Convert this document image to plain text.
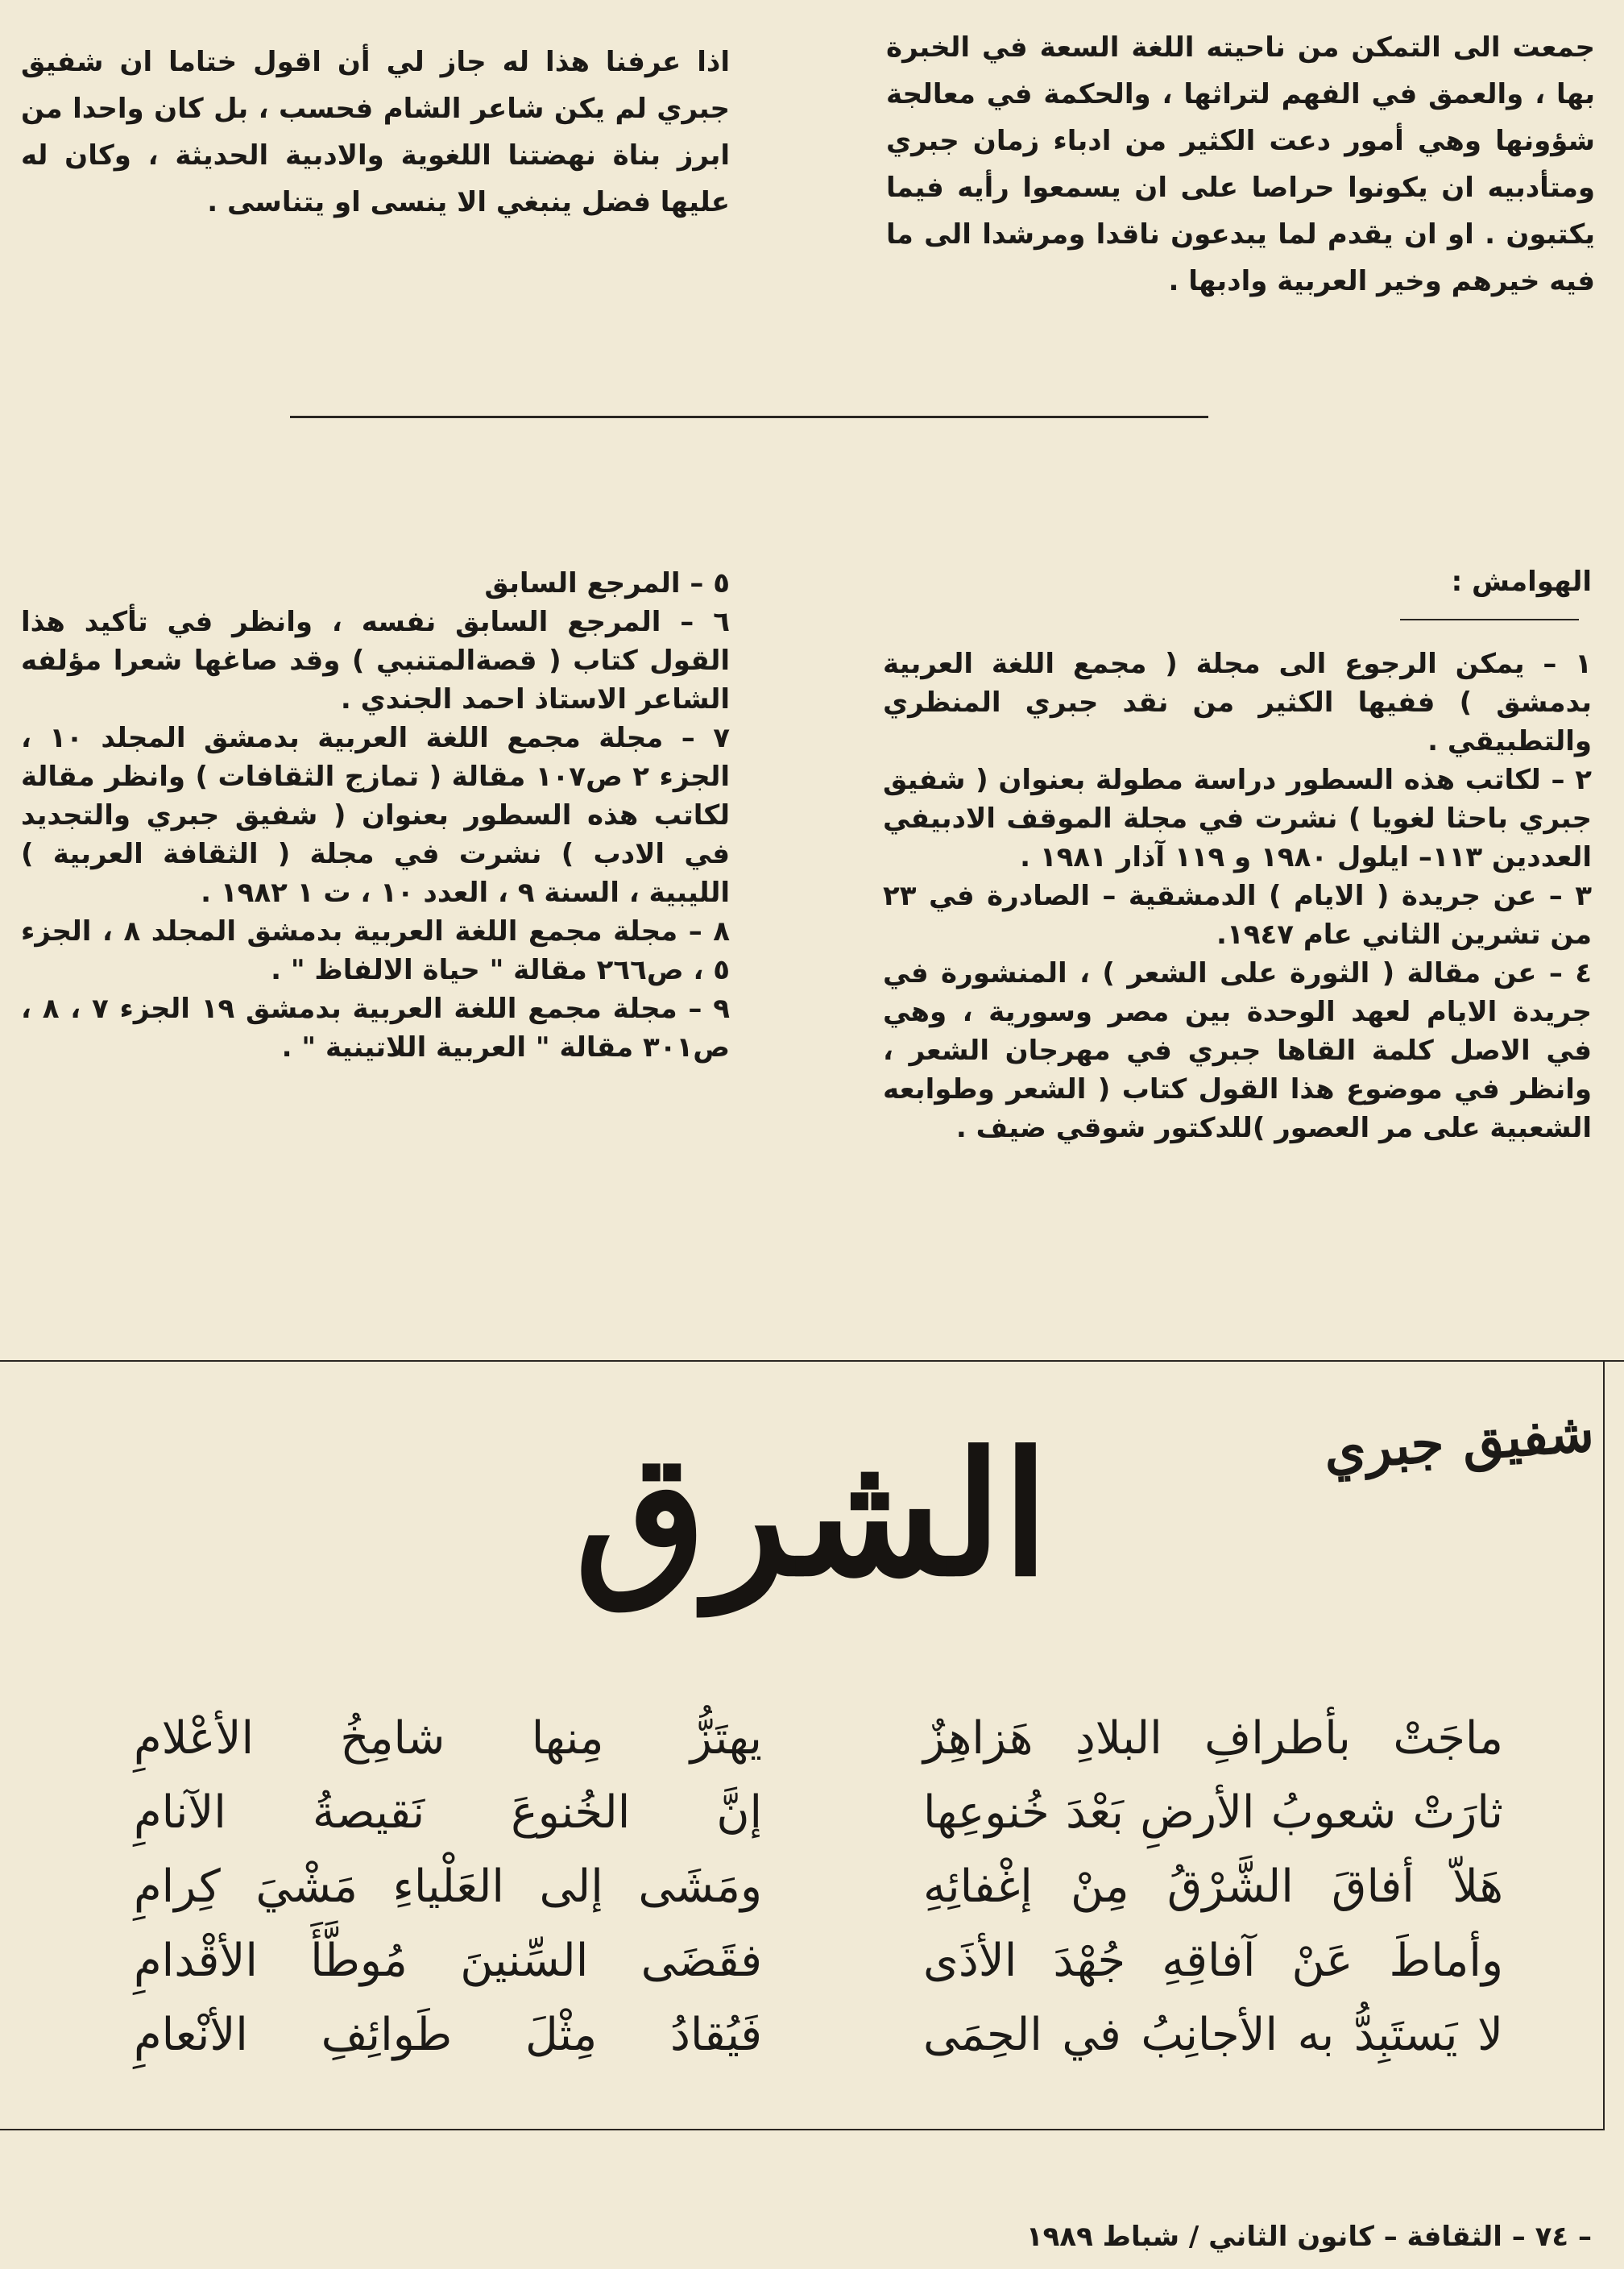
جمعت الى التمكن من ناحيته اللغة السعة في الخبرة بها ، والعمق في الفهم لتراثها ، والحكمة في معالجة شؤونها وهي أمور دعت الكثير من ادباء زمان جبري ومتأدبيه ان يكونوا حراصا على ان يسمعوا رأيه فيما يكتبون . او ان يقدم لما يبدعون ناقدا ومرشدا الى ما فيه خيرهم وخير العربية وادبها .

اذا عرفنا هذا له جاز لي أن اقول ختاما ان شفيق جبري لم يكن شاعر الشام فحسب ، بل كان واحدا من ابرز بناة نهضتنا اللغوية والادبية الحديثة ، وكان له عليها فضل ينبغي الا ينسى او يتناسى .

الهوامش :

١ – يمكن الرجوع الى مجلة ( مجمع اللغة العربية بدمشق ) ففيها الكثير من نقد جبري المنظري والتطبيقي .

٢ – لكاتب هذه السطور دراسة مطولة بعنوان ( شفيق جبري باحثا لغويا ) نشرت في مجلة الموقف الادبيفي العددين ١١٣– ايلول ١٩٨٠ و ١١٩ آذار ١٩٨١ .

٣ – عن جريدة ( الايام ) الدمشقية – الصادرة في ٢٣ من تشرين الثاني عام ١٩٤٧.

٤ – عن مقالة ( الثورة على الشعر ) ، المنشورة في جريدة الايام لعهد الوحدة بين مصر وسورية ، وهي في الاصل كلمة القاها جبري في مهرجان الشعر ، وانظر في موضوع هذا القول كتاب ( الشعر وطوابعه الشعبية على مر العصور )للدكتور شوقي ضيف .

٥ – المرجع السابق

٦ – المرجع السابق نفسه ، وانظر في تأكيد هذا القول كتاب ( قصةالمتنبي ) وقد صاغها شعرا مؤلفه الشاعر الاستاذ احمد الجندي .

٧ – مجلة مجمع اللغة العربية بدمشق المجلد ١٠ ، الجزء ٢ ص١٠٧ مقالة ( تمازج الثقافات ) وانظر مقالة لكاتب هذه السطور بعنوان ( شفيق جبري والتجديد في الادب ) نشرت في مجلة ( الثقافة العربية ) الليبية ، السنة ٩ ، العدد ١٠ ، ت ١ ١٩٨٢ .

٨ – مجلة مجمع اللغة العربية بدمشق المجلد ٨ ، الجزء ٥ ، ص٢٦٦ مقالة " حياة الالفاظ " .

٩ – مجلة مجمع اللغة العربية بدمشق ١٩ الجزء ٧ ، ٨ ، ص٣٠١ مقالة " العربية اللاتينية " .

شفيق جبري
الشرق
ماجَتْ بأطرافِ البلادِ هَزاهِزٌ
ثارَتْ شعوبُ الأرضِ بَعْدَ خُنوعِها
هَلاّ أفاقَ الشَّرْقُ مِنْ إغْفائِهِ
وأماطَ عَنْ آفاقِهِ جُهْدَ الأذَى
لا يَستَبِدُّ به الأجانِبُ في الحِمَى
يهتَزُّ مِنها شامِخُ الأعْلامِ
إنَّ الخُنوعَ نَقيصةُ الآنامِ
ومَشَى إلى العَلْياءِ مَشْيَ كِرامِ
فقَضَى السِّنينَ مُوطَّأَ الأقْدامِ
فَيُقادُ مِثْلَ طَوائِفِ الأنْعامِ
– ٧٤ – الثقافة – كانون الثاني / شباط ١٩٨٩
